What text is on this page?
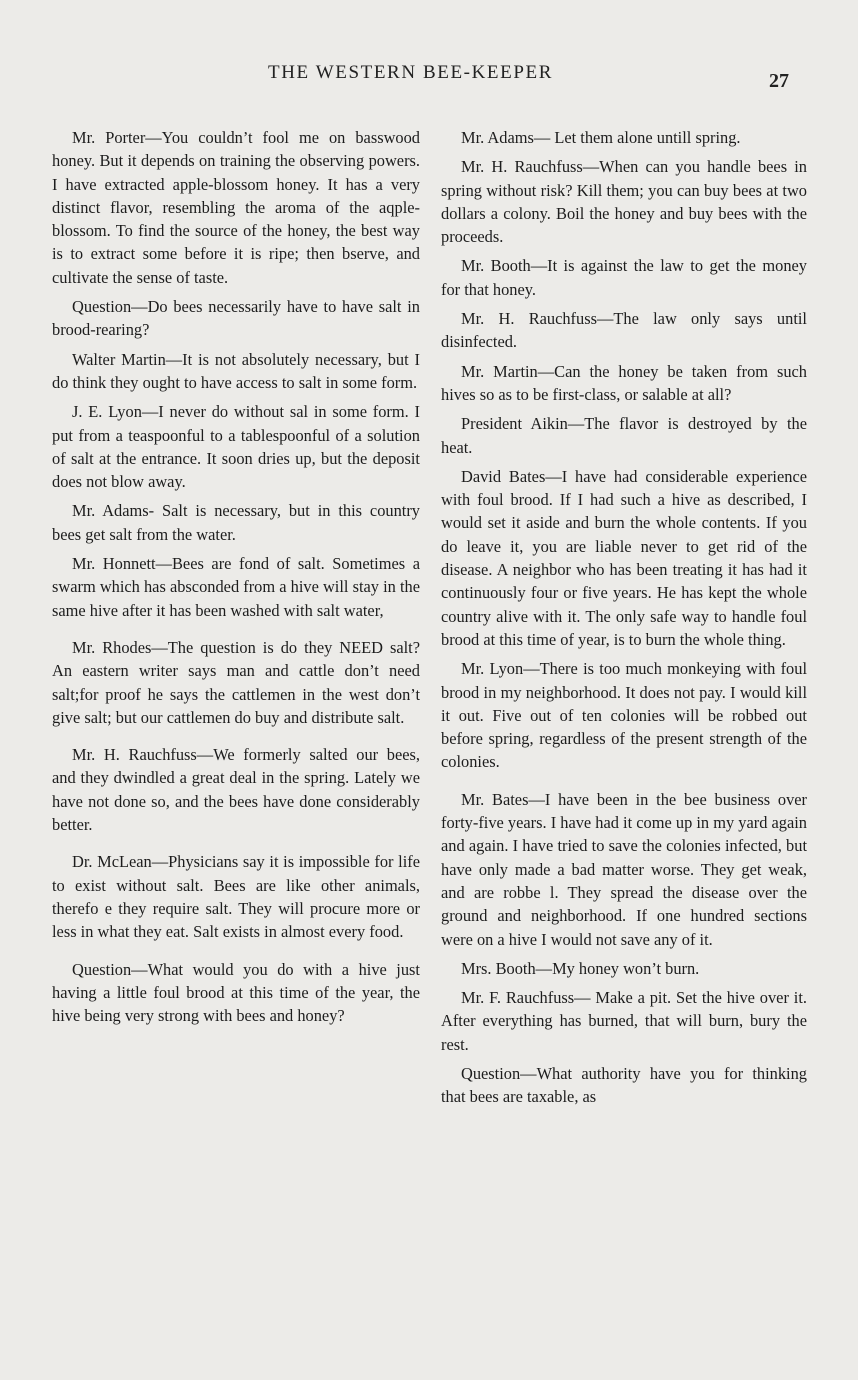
THE WESTERN BEE-KEEPER	27

Mr. Porter—You couldn’t fool me on basswood honey. But it depends on training the observing powers. I have extracted apple-blossom honey. It has a very distinct flavor, resembling the aroma of the aqple-blossom. To find the source of the honey, the best way is to extract some before it is ripe; then bserve, and cultivate the sense of taste.

Question—Do bees necessarily have to have salt in brood-rearing?

Walter Martin—It is not absolutely necessary, but I do think they ought to have access to salt in some form.

J. E. Lyon—I never do without sal in some form. I put from a teaspoonful to a tablespoonful of a solution of salt at the entrance. It soon dries up, but the deposit does not blow away.

Mr. Adams- Salt is necessary, but in this country bees get salt from the water.

Mr. Honnett—Bees are fond of salt. Sometimes a swarm which has absconded from a hive will stay in the same hive after it has been washed with salt water,

Mr. Rhodes—The question is do they NEED salt? An eastern writer says man and cattle don’t need salt;for proof he says the cattlemen in the west don’t give salt; but our cattlemen do buy and distribute salt.

Mr. H. Rauchfuss—We formerly salted our bees, and they dwindled a great deal in the spring. Lately we have not done so, and the bees have done considerably better.

Dr. McLean—Physicians say it is impossible for life to exist without salt. Bees are like other animals, therefo e they require salt. They will procure more or less in what they eat. Salt exists in almost every food.

Question—What would you do with a hive just having a little foul brood at this time of the year, the hive being very strong with bees and honey?

Mr. Adams— Let them alone untill spring.

Mr. H. Rauchfuss—When can you handle bees in spring without risk? Kill them; you can buy bees at two dollars a colony. Boil the honey and buy bees with the proceeds.

Mr. Booth—It is against the law to get the money for that honey.

Mr. H. Rauchfuss—The law only says until disinfected.

Mr. Martin—Can the honey be taken from such hives so as to be first-class, or salable at all?

President Aikin—The flavor is destroyed by the heat.

David Bates—I have had considerable experience with foul brood. If I had such a hive as described, I would set it aside and burn the whole contents. If you do leave it, you are liable never to get rid of the disease. A neighbor who has been treating it has had it continuously four or five years. He has kept the whole country alive with it. The only safe way to handle foul brood at this time of year, is to burn the whole thing.

Mr. Lyon—There is too much monkeying with foul brood in my neighborhood. It does not pay. I would kill it out. Five out of ten colonies will be robbed out before spring, regardless of the present strength of the colonies.

Mr. Bates—I have been in the bee business over forty-five years. I have had it come up in my yard again and again. I have tried to save the colonies infected, but have only made a bad matter worse. They get weak, and are robbe l. They spread the disease over the ground and neighborhood. If one hundred sections were on a hive I would not save any of it.

Mrs. Booth—My honey won’t burn.

Mr. F. Rauchfuss— Make a pit. Set the hive over it. After everything has burned, that will burn, bury the rest.

Question—What authority have you for thinking that bees are taxable, as
